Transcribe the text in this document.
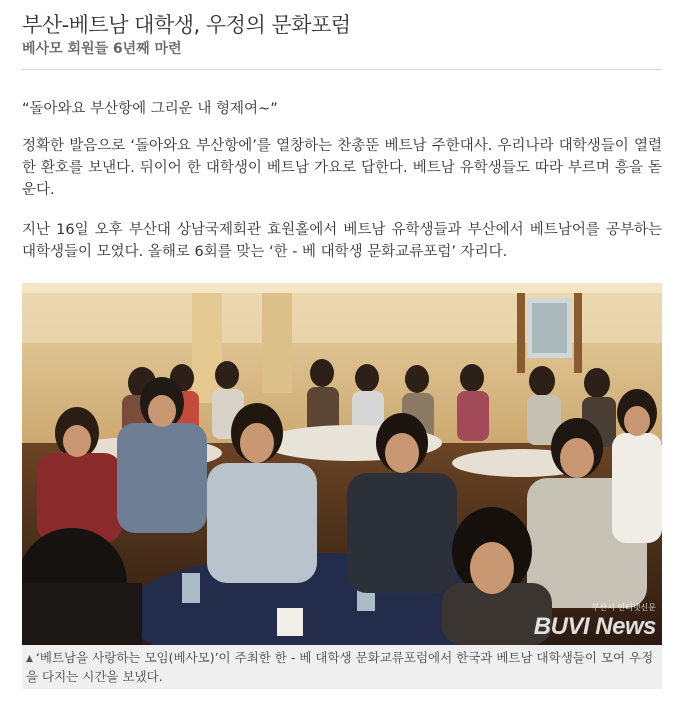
부산-베트남 대학생, 우정의 문화포럼
베사모 회원들 6년째 마련
“돌아와요 부산항에 그리운 내 형제여~”

정확한 발음으로 ‘돌아와요 부산항에’를 열창하는 찬총뚠 베트남 주한대사. 우리나라 대학생들이 열렬한 환호를 보낸다. 뒤이어 한 대학생이 베트남 가요로 답한다. 베트남 유학생들도 따라 부르며 흥을 돋운다.

지난 16일 오후 부산대 상남국제회관 효원홀에서 베트남 유학생들과 부산에서 베트남어를 공부하는 대학생들이 모였다. 올해로 6회를 맞는 ‘한 - 베 대학생 문화교류포럼’ 자리다.

부산시 인터넷신문
BUVI News
▲ ‘베트남을 사랑하는 모임(베사모)’이 주최한 한 - 베 대학생 문화교류포럼에서 한국과 베트남 대학생들이 모여 우정을 다지는 시간을 보냈다.
